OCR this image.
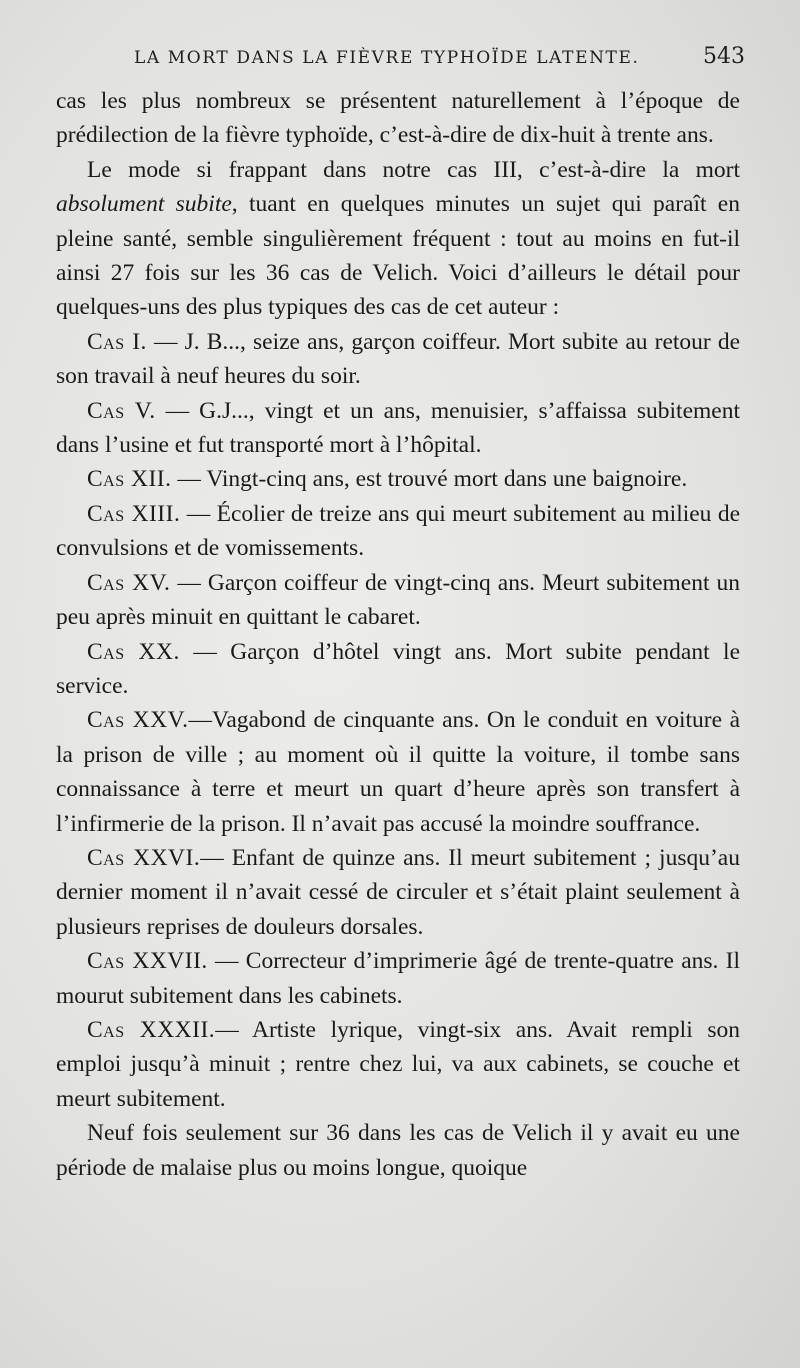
LA MORT DANS LA FIÈVRE TYPHOÏDE LATENTE.	543

cas les plus nombreux se présentent naturellement à l’époque de prédilection de la fièvre typhoïde, c’est-à-dire de dix-huit à trente ans.

Le mode si frappant dans notre cas III, c’est-à-dire la mort absolument subite, tuant en quelques minutes un sujet qui paraît en pleine santé, semble singulièrement fréquent : tout au moins en fut-il ainsi 27 fois sur les 36 cas de Velich. Voici d’ailleurs le détail pour quelques-uns des plus typiques des cas de cet auteur :

Cas I. — J. B..., seize ans, garçon coiffeur. Mort subite au retour de son travail à neuf heures du soir.

Cas V. — G.J..., vingt et un ans, menuisier, s’affaissa subitement dans l’usine et fut transporté mort à l’hôpital.

Cas XII. — Vingt-cinq ans, est trouvé mort dans une baignoire.

Cas XIII. — Écolier de treize ans qui meurt subitement au milieu de convulsions et de vomissements.

Cas XV. — Garçon coiffeur de vingt-cinq ans. Meurt subitement un peu après minuit en quittant le cabaret.

Cas XX. — Garçon d’hôtel vingt ans. Mort subite pendant le service.

Cas XXV.—Vagabond de cinquante ans. On le conduit en voiture à la prison de ville ; au moment où il quitte la voiture, il tombe sans connaissance à terre et meurt un quart d’heure après son transfert à l’infirmerie de la prison. Il n’avait pas accusé la moindre souffrance.

Cas XXVI.— Enfant de quinze ans. Il meurt subitement ; jusqu’au dernier moment il n’avait cessé de circuler et s’était plaint seulement à plusieurs reprises de douleurs dorsales.

Cas XXVII. — Correcteur d’imprimerie âgé de trente-quatre ans. Il mourut subitement dans les cabinets.

Cas XXXII.— Artiste lyrique, vingt-six ans. Avait rempli son emploi jusqu’à minuit ; rentre chez lui, va aux cabinets, se couche et meurt subitement.

Neuf fois seulement sur 36 dans les cas de Velich il y avait eu une période de malaise plus ou moins longue, quoique
